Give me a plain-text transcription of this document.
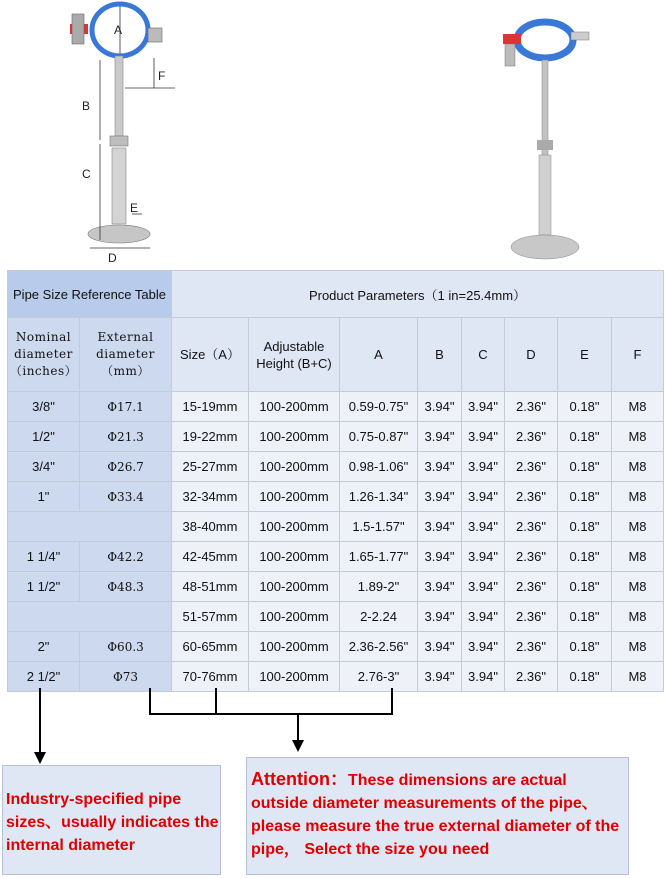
A
B
C
D
E
F
Pipe Size Reference Table		Product Parameters（1 in=25.4mm）							
Nominal diameter（inches）	External diameter（mm）	Size（A）	Adjustable Height (B+C)	A	B	C	D	E	F
3/8"	Φ17.1	15-19mm	100-200mm	0.59-0.75"	3.94"	3.94"	2.36"	0.18"	M8
1/2"	Φ21.3	19-22mm	100-200mm	0.75-0.87"	3.94"	3.94"	2.36"	0.18"	M8
3/4"	Φ26.7	25-27mm	100-200mm	0.98-1.06"	3.94"	3.94"	2.36"	0.18"	M8
1"	Φ33.4	32-34mm	100-200mm	1.26-1.34"	3.94"	3.94"	2.36"	0.18"	M8
		38-40mm	100-200mm	1.5-1.57"	3.94"	3.94"	2.36"	0.18"	M8
1 1/4"	Φ42.2	42-45mm	100-200mm	1.65-1.77"	3.94"	3.94"	2.36"	0.18"	M8
1 1/2"	Φ48.3	48-51mm	100-200mm	1.89-2"	3.94"	3.94"	2.36"	0.18"	M8
		51-57mm	100-200mm	2-2.24	3.94"	3.94"	2.36"	0.18"	M8
2"	Φ60.3	60-65mm	100-200mm	2.36-2.56"	3.94"	3.94"	2.36"	0.18"	M8
2 1/2"	Φ73	70-76mm	100-200mm	2.76-3"	3.94"	3.94"	2.36"	0.18"	M8
Industry-specified pipe sizes、usually indicates the internal diameter
Attention：These dimensions are actual outside diameter measurements of the pipe、please measure the true external diameter of the pipe， Select the size you need
